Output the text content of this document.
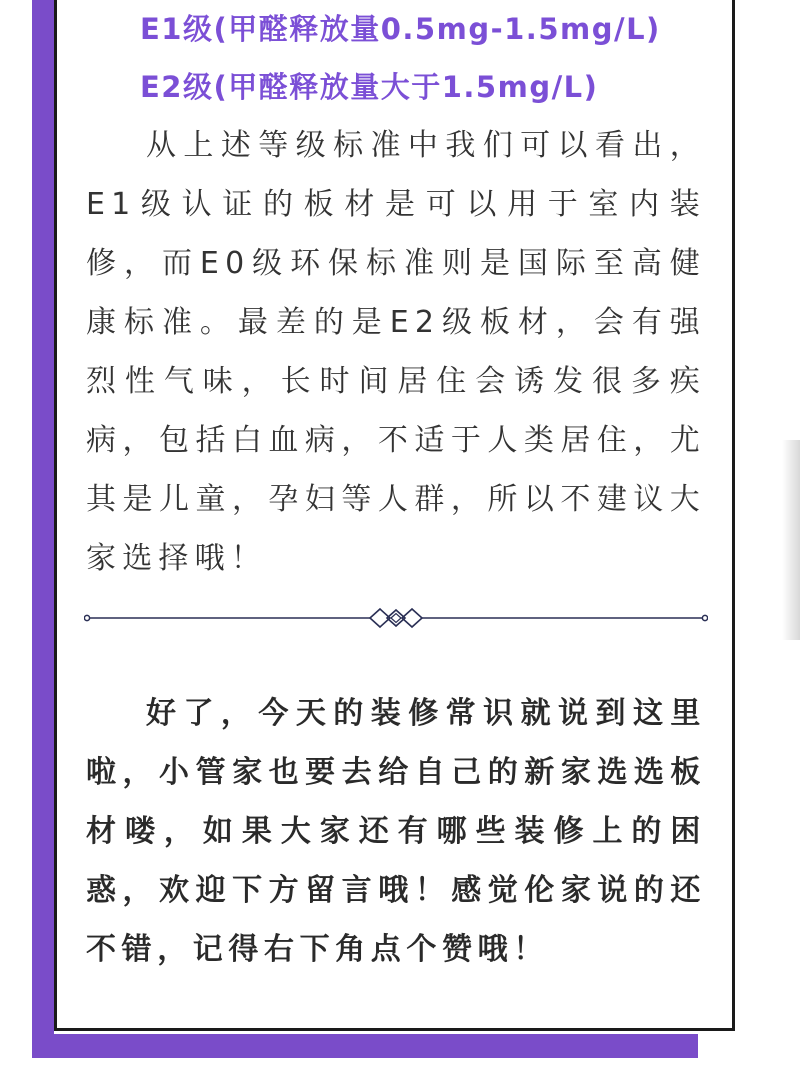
E1级(甲醛释放量0.5mg-1.5mg/L)
E2级(甲醛释放量大于1.5mg/L)

从上述等级标准中我们可以看出，E1级认证的板材是可以用于室内装修，而E0级环保标准则是国际至高健康标准。最差的是E2级板材，会有强烈性气味，长时间居住会诱发很多疾病，包括白血病，不适于人类居住，尤其是儿童，孕妇等人群，所以不建议大家选择哦！

好了，今天的装修常识就说到这里啦，小管家也要去给自己的新家选选板材喽，如果大家还有哪些装修上的困惑，欢迎下方留言哦！感觉伦家说的还不错，记得右下角点个赞哦！
